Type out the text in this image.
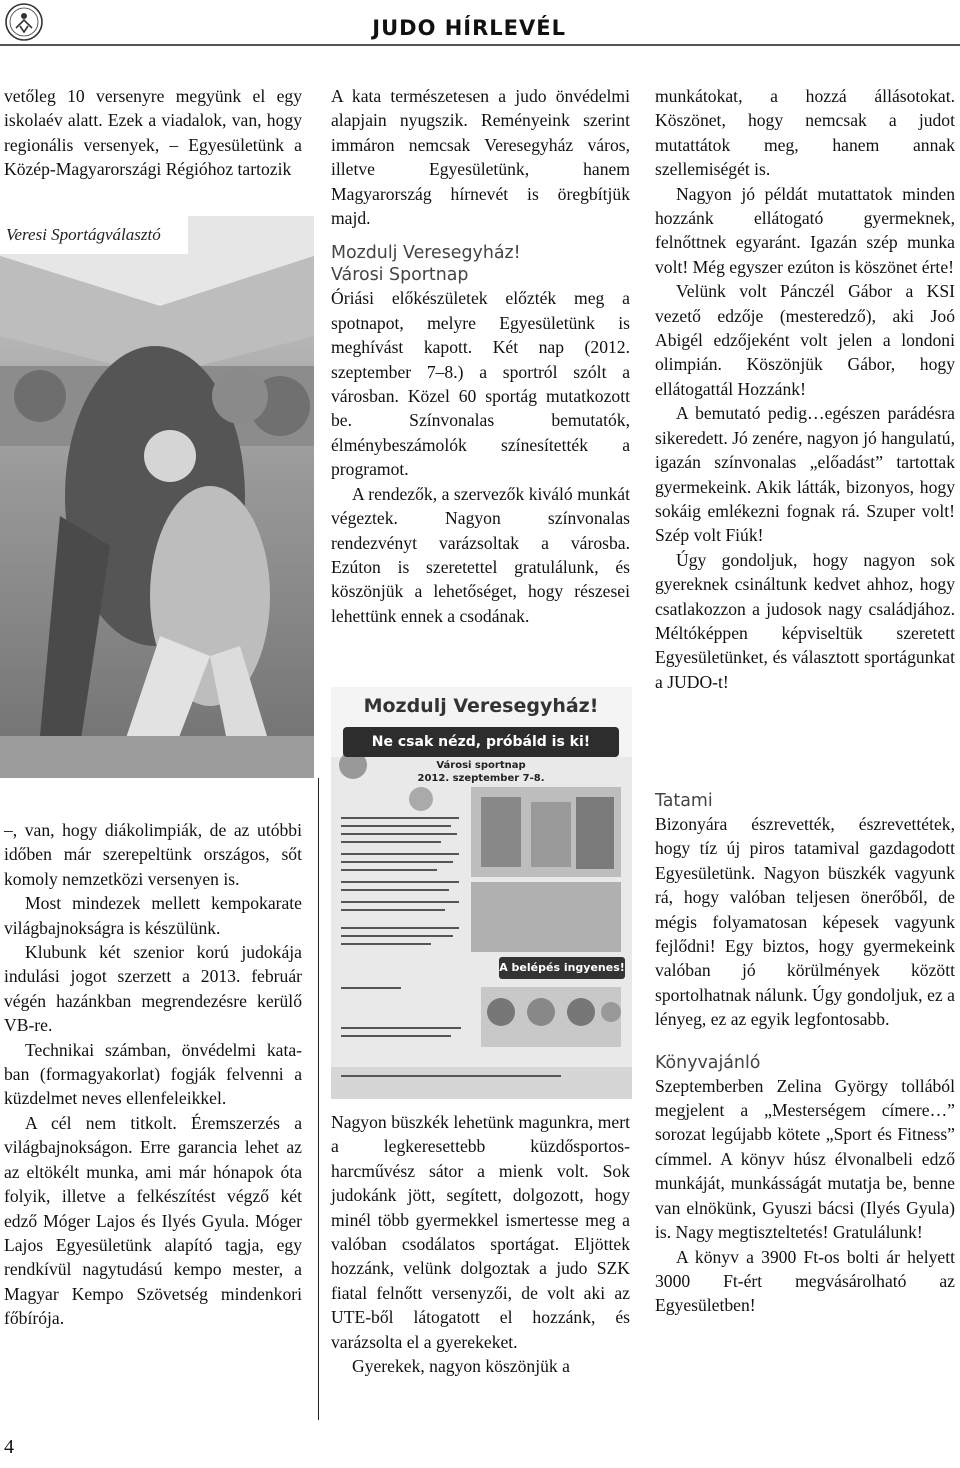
JUDO HÍRLEVÉL
Veresi Sportágválasztó

vetőleg 10 versenyre megyünk el egy iskolaév alatt. Ezek a viadalok, van, hogy regionális versenyek, – Egyesületünk a Közép-Magyarországi Régióhoz tartozik

–, van, hogy diákolimpiák, de az utóbbi időben már szerepeltünk országos, sőt komoly nemzetközi versenyen is.

Most mindezek mellett kempokarate világbajnokságra is készülünk.

Klubunk két szenior korú judokája indulási jogot szerzett a 2013. február végén hazánkban megrendezésre kerülő VB-re.

Technikai számban, önvédelmi kata-ban (formagyakorlat) fogják felvenni a küzdelmet neves ellenfeleikkel.

A cél nem titkolt. Éremszerzés a világbajnokságon. Erre garancia lehet az az eltökélt munka, ami már hónapok óta folyik, illetve a felkészítést végző két edző Móger Lajos és Ilyés Gyula. Móger Lajos Egyesületünk alapító tagja, egy rendkívül nagytudású kempo mester, a Magyar Kempo Szövetség mindenkori főbírója.

A kata természetesen a judo önvédelmi alapjain nyugszik. Reményeink szerint immáron nemcsak Veresegyház város, illetve Egyesületünk, hanem Magyarország hírnevét is öregbítjük majd.

Mozdulj Veresegyház!
Városi Sportnap

Óriási előkészületek előzték meg a spotnapot, melyre Egyesületünk is meghívást kapott. Két nap (2012. szeptember 7–8.) a sportról szólt a városban. Közel 60 sportág mutatkozott be. Színvonalas bemutatók, élménybeszámolók színesítették a programot.

A rendezők, a szervezők kiváló munkát végeztek. Nagyon színvonalas rendezvényt varázsoltak a városba. Ezúton is szeretettel gratulálunk, és köszönjük a lehetőséget, hogy részesei lehettünk ennek a csodának.

Mozdulj Veresegyház!
Ne csak nézd, próbáld is ki!
Városi sportnap
2012. szeptember 7-8.
A belépés ingyenes!

Nagyon büszkék lehetünk magunkra, mert a legkeresettebb küzdősportos-harcművész sátor a mienk volt. Sok judokánk jött, segített, dolgozott, hogy minél több gyermekkel ismertesse meg a valóban csodálatos sportágat. Eljöttek hozzánk, velünk dolgoztak a judo SZK fiatal felnőtt versenyzői, de volt aki az UTE-ből látogatott el hozzánk, és varázsolta el a gyerekeket.

Gyerekek, nagyon köszönjük a

munkátokat, a hozzá állásotokat. Köszönet, hogy nemcsak a judot mutattátok meg, hanem annak szellemiségét is.

Nagyon jó példát mutattatok minden hozzánk ellátogató gyermeknek, felnőttnek egyaránt. Igazán szép munka volt! Még egyszer ezúton is köszönet érte!

Velünk volt Pánczél Gábor a KSI vezető edzője (mesteredző), aki Joó Abigél edzőjeként volt jelen a londoni olimpián. Köszönjük Gábor, hogy ellátogattál Hozzánk!

A bemutató pedig…egészen parádésra sikeredett. Jó zenére, nagyon jó hangulatú, igazán színvonalas „előadást” tartottak gyermekeink. Akik látták, bizonyos, hogy sokáig emlékezni fognak rá. Szuper volt! Szép volt Fiúk!

Úgy gondoljuk, hogy nagyon sok gyereknek csináltunk kedvet ahhoz, hogy csatlakozzon a judosok nagy családjához. Méltóképpen képviseltük szeretett Egyesületünket, és választott sportágunkat a JUDO-t!

Tatami

Bizonyára észrevették, észrevettétek, hogy tíz új piros tatamival gazdagodott Egyesületünk. Nagyon büszkék vagyunk rá, hogy valóban teljesen önerőből, de mégis folyamatosan képesek vagyunk fejlődni! Egy biztos, hogy gyermekeink valóban jó körülmények között sportolhatnak nálunk. Úgy gondoljuk, ez a lényeg, ez az egyik legfontosabb.

Könyvajánló

Szeptemberben Zelina György tollából megjelent a „Mesterségem címere…” sorozat legújabb kötete „Sport és Fitness” címmel. A könyv húsz élvonalbeli edző munkáját, munkásságát mutatja be, benne van elnökünk, Gyuszi bácsi (Ilyés Gyula) is. Nagy megtiszteltetés! Gratulálunk!

A könyv a 3900 Ft-os bolti ár helyett 3000 Ft-ért megvásárolható az Egyesületben!

4
